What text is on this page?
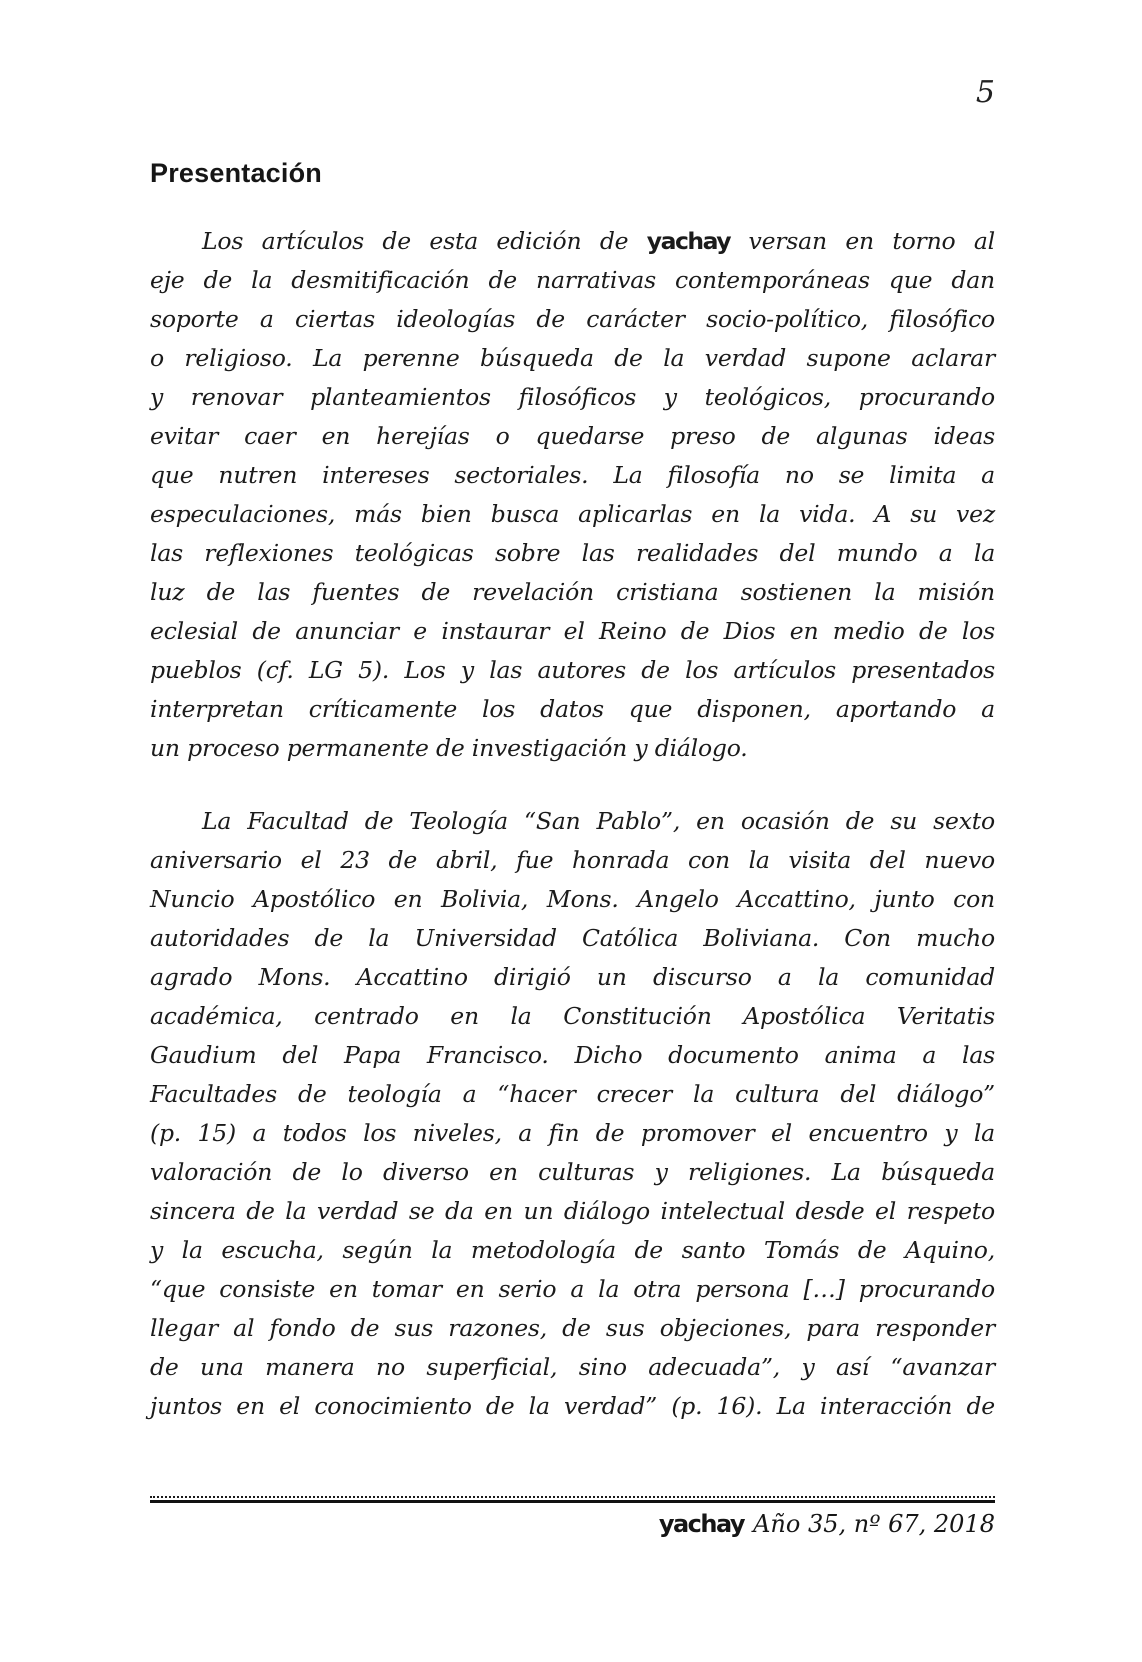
5
Presentación
Los artículos de esta edición de yachay versan en torno al
eje de la desmitificación de narrativas contemporáneas que dan
soporte a ciertas ideologías de carácter socio-político, filosófico
o religioso. La perenne búsqueda de la verdad supone aclarar
y renovar planteamientos filosóficos y teológicos, procurando
evitar caer en herejías o quedarse preso de algunas ideas
que nutren intereses sectoriales. La filosofía no se limita a
especulaciones, más bien busca aplicarlas en la vida. A su vez
las reflexiones teológicas sobre las realidades del mundo a la
luz de las fuentes de revelación cristiana sostienen la misión
eclesial de anunciar e instaurar el Reino de Dios en medio de los
pueblos (cf. LG 5). Los y las autores de los artículos presentados
interpretan críticamente los datos que disponen, aportando a
un proceso permanente de investigación y diálogo.
La Facultad de Teología “San Pablo”, en ocasión de su sexto
aniversario el 23 de abril, fue honrada con la visita del nuevo
Nuncio Apostólico en Bolivia, Mons. Angelo Accattino, junto con
autoridades de la Universidad Católica Boliviana. Con mucho
agrado Mons. Accattino dirigió un discurso a la comunidad
académica, centrado en la Constitución Apostólica Veritatis
Gaudium del Papa Francisco. Dicho documento anima a las
Facultades de teología a “hacer crecer la cultura del diálogo”
(p. 15) a todos los niveles, a fin de promover el encuentro y la
valoración de lo diverso en culturas y religiones. La búsqueda
sincera de la verdad se da en un diálogo intelectual desde el respeto
y la escucha, según la metodología de santo Tomás de Aquino,
“que consiste en tomar en serio a la otra persona […] procurando
llegar al fondo de sus razones, de sus objeciones, para responder
de una manera no superficial, sino adecuada”, y así “avanzar
juntos en el conocimiento de la verdad” (p. 16). La interacción de
yachay Año 35, nº 67, 2018
